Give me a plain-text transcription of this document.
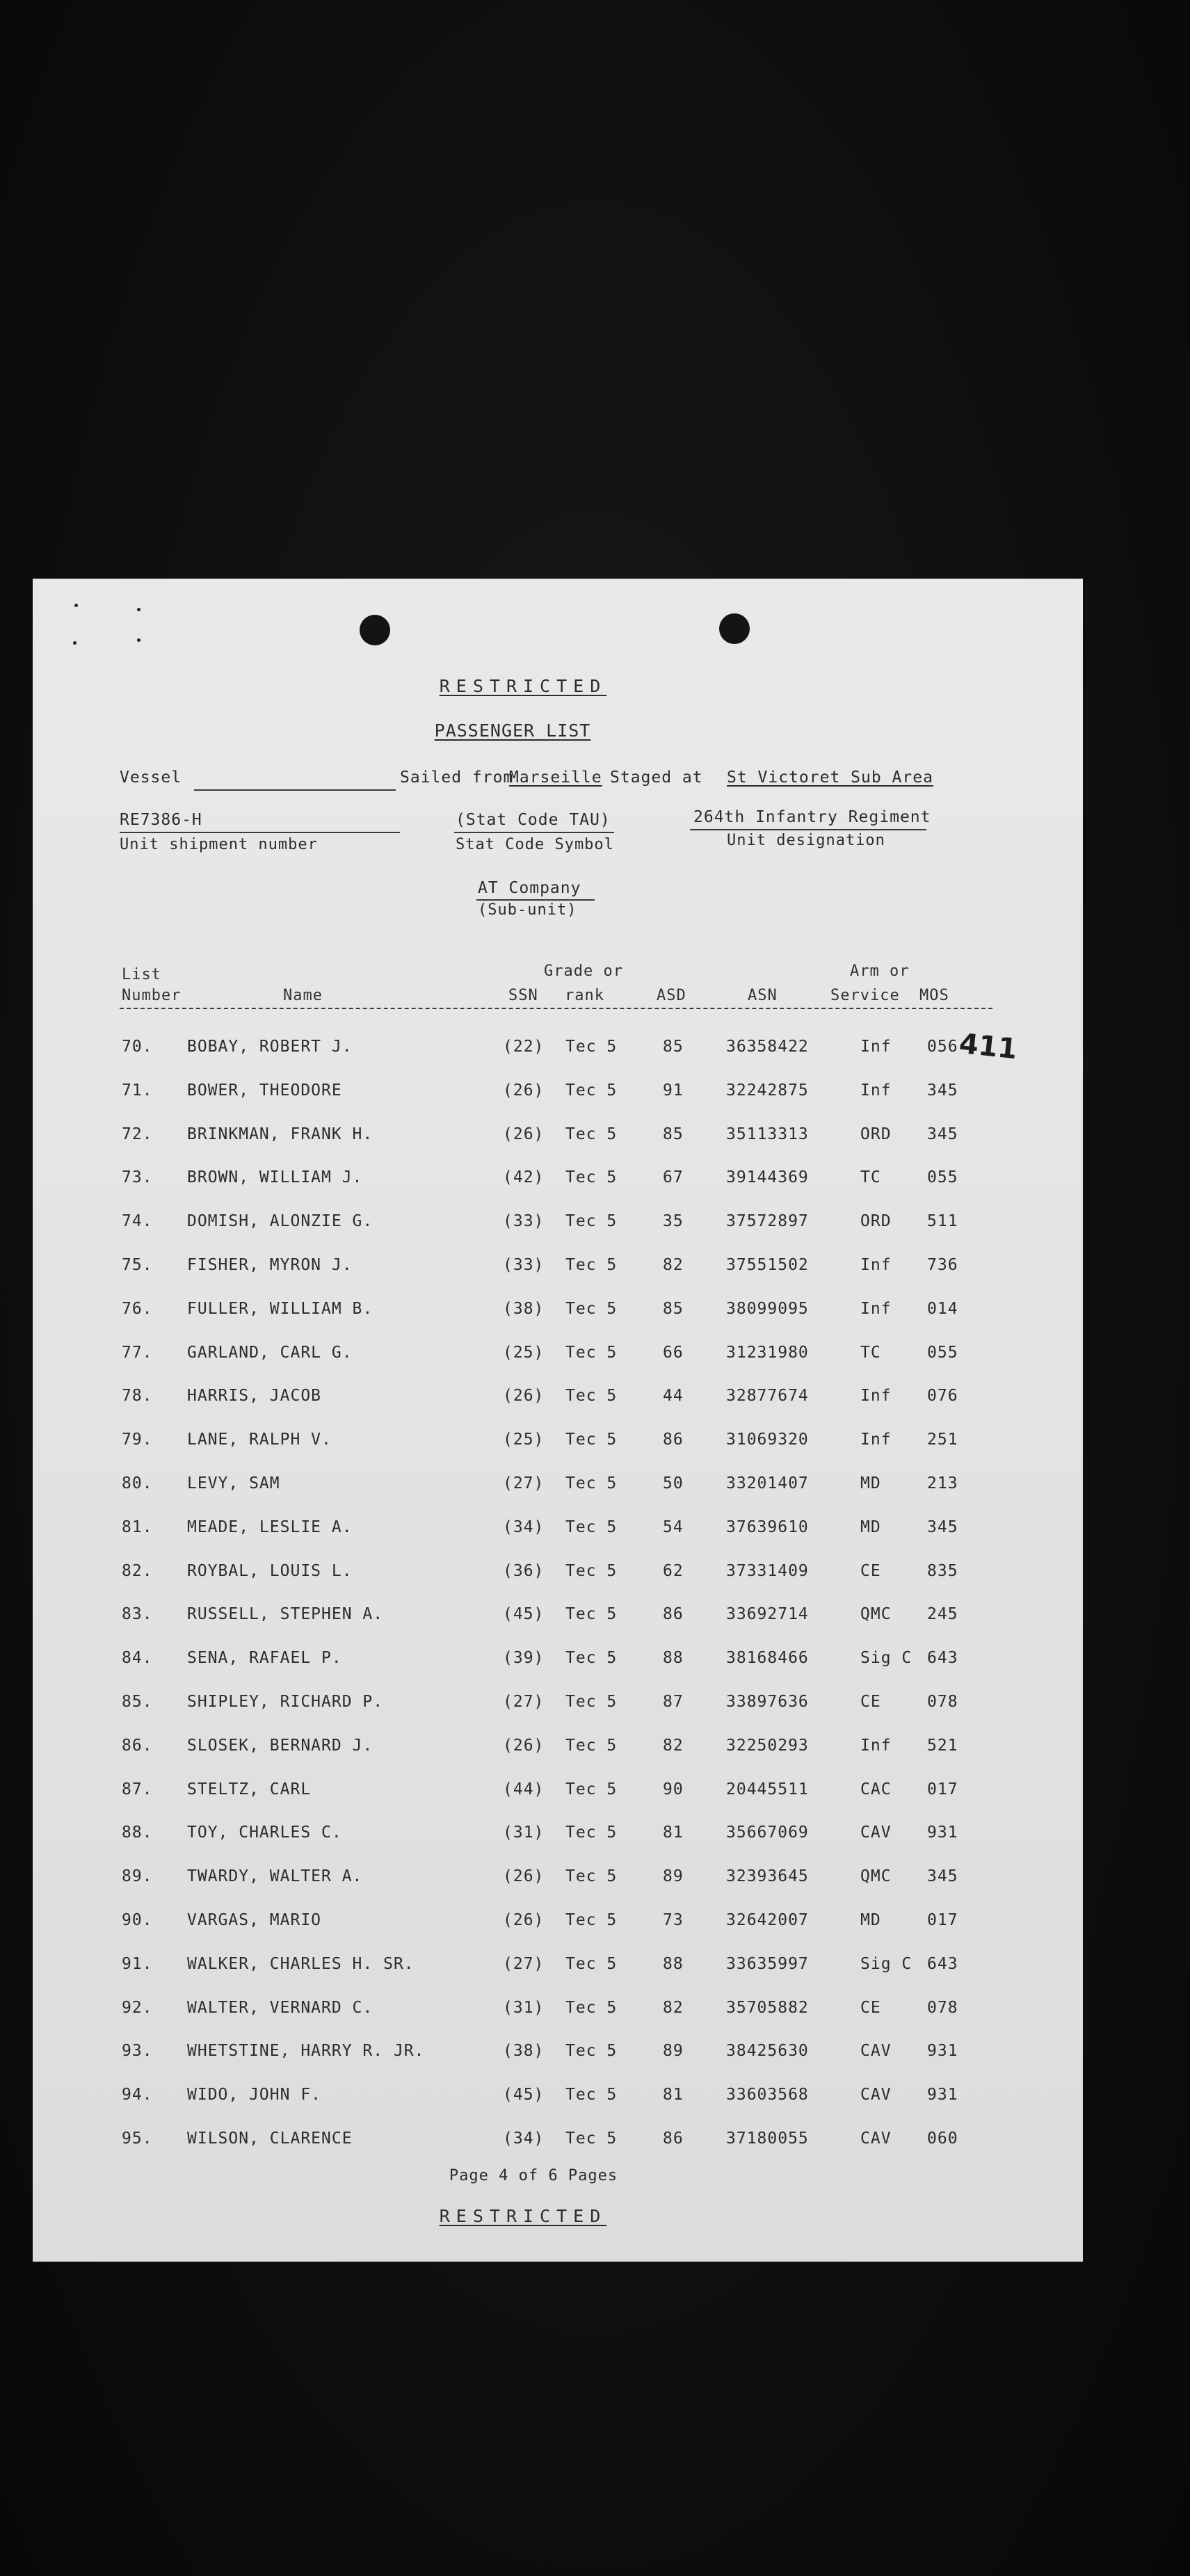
RESTRICTED
PASSENGER LIST
Vessel	Sailed from
Marseille Staged at St Victoret Sub Area
RE7386-H
Unit shipment number
(Stat Code TAU)
Stat Code Symbol
264th Infantry Regiment
Unit designation
AT Company
(Sub-unit)
List
Number	Name
Grade or
SSN rank	ASD	ASN
Arm or
Service MOS
70. BOBAY, ROBERT J.	(22) Tec 5	85	36358422	Inf 056
71. BOWER, THEODORE	(26) Tec 5	91	32242875	Inf 345
72. BRINKMAN, FRANK H.	(26) Tec 5	85	35113313	ORD 345
73. BROWN, WILLIAM J.	(42) Tec 5	67	39144369	TC	055
74. DOMISH, ALONZIE G.	(33) Tec 5	35	37572897	ORD 511
75. FISHER, MYRON J.	(33) Tec 5	82	37551502	Inf 736
76. FULLER, WILLIAM B.	(38) Tec 5	85	38099095	Inf 014
77. GARLAND, CARL G.	(25) Tec 5	66	31231980	TC	055
78. HARRIS, JACOB	(26) Tec 5	44	32877674	Inf 076
79. LANE, RALPH V.	(25) Tec 5	86	31069320	Inf 251
80. LEVY, SAM	(27) Tec 5	50	33201407	MD	213
81. MEADE, LESLIE A.	(34) Tec 5	54	37639610	MD	345
82. ROYBAL, LOUIS L.	(36) Tec 5	62	37331409	CE	835
83. RUSSELL, STEPHEN A.	(45) Tec 5	86	33692714	QMC 245
84. SENA, RAFAEL P.	(39) Tec 5	88	38168466	Sig C 643
85. SHIPLEY, RICHARD P.	(27) Tec 5	87	33897636	CE	078
86. SLOSEK, BERNARD J.	(26) Tec 5	82	32250293	Inf 521
87. STELTZ, CARL	(44) Tec 5	90	20445511	CAC 017
88. TOY, CHARLES C.	(31) Tec 5	81	35667069	CAV 931
89. TWARDY, WALTER A.	(26) Tec 5	89	32393645	QMC 345
90. VARGAS, MARIO	(26) Tec 5	73	32642007	MD	017
91. WALKER, CHARLES H. SR.	(27) Tec 5	88	33635997	Sig C 643
92. WALTER, VERNARD C.	(31) Tec 5	82	35705882	CE	078
93. WHETSTINE, HARRY R. JR.	(38) Tec 5	89	38425630	CAV 931
94. WIDO, JOHN F.	(45) Tec 5	81	33603568	CAV 931
95. WILSON, CLARENCE	(34) Tec 5	86	37180055	CAV 060
411
Page 4 of 6 Pages
RESTRICTED
